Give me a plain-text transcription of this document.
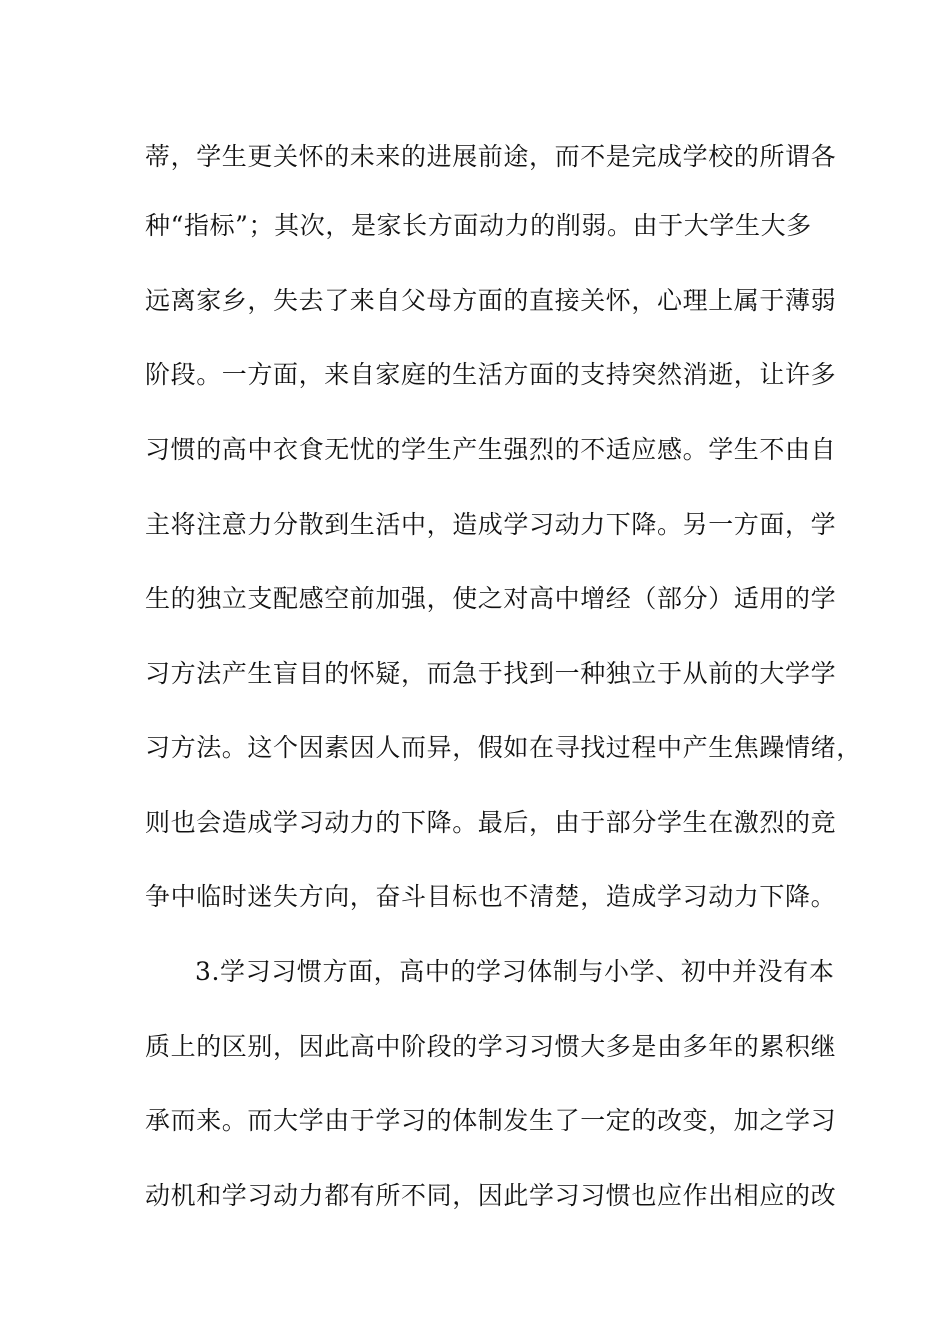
蒂，学生更关怀的未来的进展前途，而不是完成学校的所谓各
种“指标”；其次，是家长方面动力的削弱。由于大学生大多
远离家乡，失去了来自父母方面的直接关怀，心理上属于薄弱
阶段。一方面，来自家庭的生活方面的支持突然消逝，让许多
习惯的高中衣食无忧的学生产生强烈的不适应感。学生不由自
主将注意力分散到生活中，造成学习动力下降。另一方面，学
生的独立支配感空前加强，使之对高中增经（部分）适用的学
习方法产生盲目的怀疑，而急于找到一种独立于从前的大学学
习方法。这个因素因人而异，假如在寻找过程中产生焦躁情绪，
则也会造成学习动力的下降。最后，由于部分学生在激烈的竞
争中临时迷失方向，奋斗目标也不清楚，造成学习动力下降。
3.学习习惯方面，高中的学习体制与小学、初中并没有本
质上的区别，因此高中阶段的学习习惯大多是由多年的累积继
承而来。而大学由于学习的体制发生了一定的改变，加之学习
动机和学习动力都有所不同，因此学习习惯也应作出相应的改
